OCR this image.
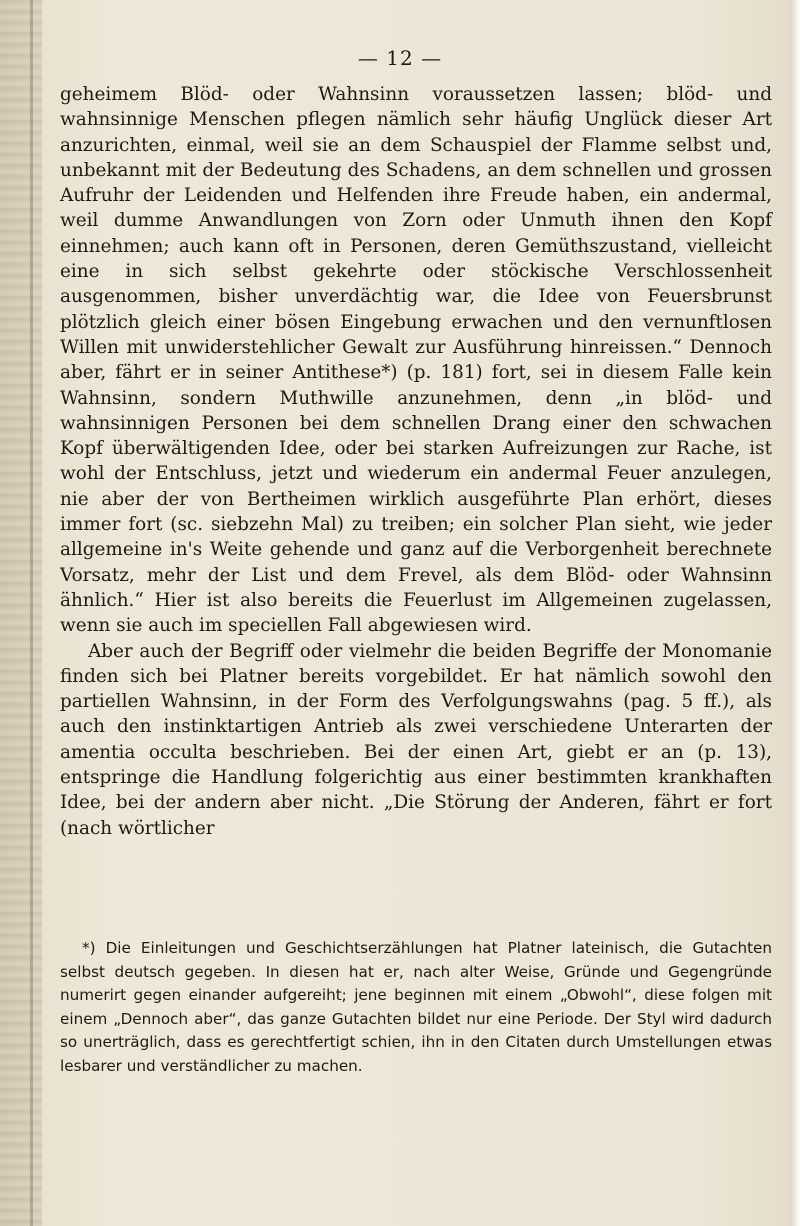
— 12 —

geheimem Blöd- oder Wahnsinn voraussetzen lassen; blöd- und wahnsinnige Menschen pflegen nämlich sehr häufig Unglück dieser Art anzurichten, einmal, weil sie an dem Schauspiel der Flamme selbst und, unbekannt mit der Bedeutung des Schadens, an dem schnellen und grossen Aufruhr der Leidenden und Helfenden ihre Freude haben, ein andermal, weil dumme Anwandlungen von Zorn oder Unmuth ihnen den Kopf einnehmen; auch kann oft in Personen, deren Gemüthszustand, vielleicht eine in sich selbst gekehrte oder stöckische Verschlossenheit ausgenommen, bisher unverdächtig war, die Idee von Feuersbrunst plötzlich gleich einer bösen Eingebung erwachen und den vernunftlosen Willen mit unwiderstehlicher Gewalt zur Ausführung hinreissen.“ Dennoch aber, fährt er in seiner Antithese*) (p. 181) fort, sei in diesem Falle kein Wahnsinn, sondern Muthwille anzunehmen, denn „in blöd- und wahnsinnigen Personen bei dem schnellen Drang einer den schwachen Kopf überwältigenden Idee, oder bei starken Aufreizungen zur Rache, ist wohl der Entschluss, jetzt und wiederum ein andermal Feuer anzulegen, nie aber der von Bertheimen wirklich ausgeführte Plan erhört, dieses immer fort (sc. siebzehn Mal) zu treiben; ein solcher Plan sieht, wie jeder allgemeine in's Weite gehende und ganz auf die Verborgenheit berechnete Vorsatz, mehr der List und dem Frevel, als dem Blöd- oder Wahnsinn ähnlich.“ Hier ist also bereits die Feuerlust im Allgemeinen zugelassen, wenn sie auch im speciellen Fall abgewiesen wird.

Aber auch der Begriff oder vielmehr die beiden Begriffe der Monomanie finden sich bei Platner bereits vorgebildet. Er hat nämlich sowohl den partiellen Wahnsinn, in der Form des Verfolgungswahns (pag. 5 ff.), als auch den instinktartigen Antrieb als zwei verschiedene Unterarten der amentia occulta beschrieben. Bei der einen Art, giebt er an (p. 13), entspringe die Handlung folgerichtig aus einer bestimmten krankhaften Idee, bei der andern aber nicht. „Die Störung der Anderen, fährt er fort (nach wörtlicher

*) Die Einleitungen und Geschichtserzählungen hat Platner lateinisch, die Gutachten selbst deutsch gegeben. In diesen hat er, nach alter Weise, Gründe und Gegengründe numerirt gegen einander aufgereiht; jene beginnen mit einem „Obwohl“, diese folgen mit einem „Dennoch aber“, das ganze Gutachten bildet nur eine Periode. Der Styl wird dadurch so unerträglich, dass es gerechtfertigt schien, ihn in den Citaten durch Umstellungen etwas lesbarer und verständlicher zu machen.
